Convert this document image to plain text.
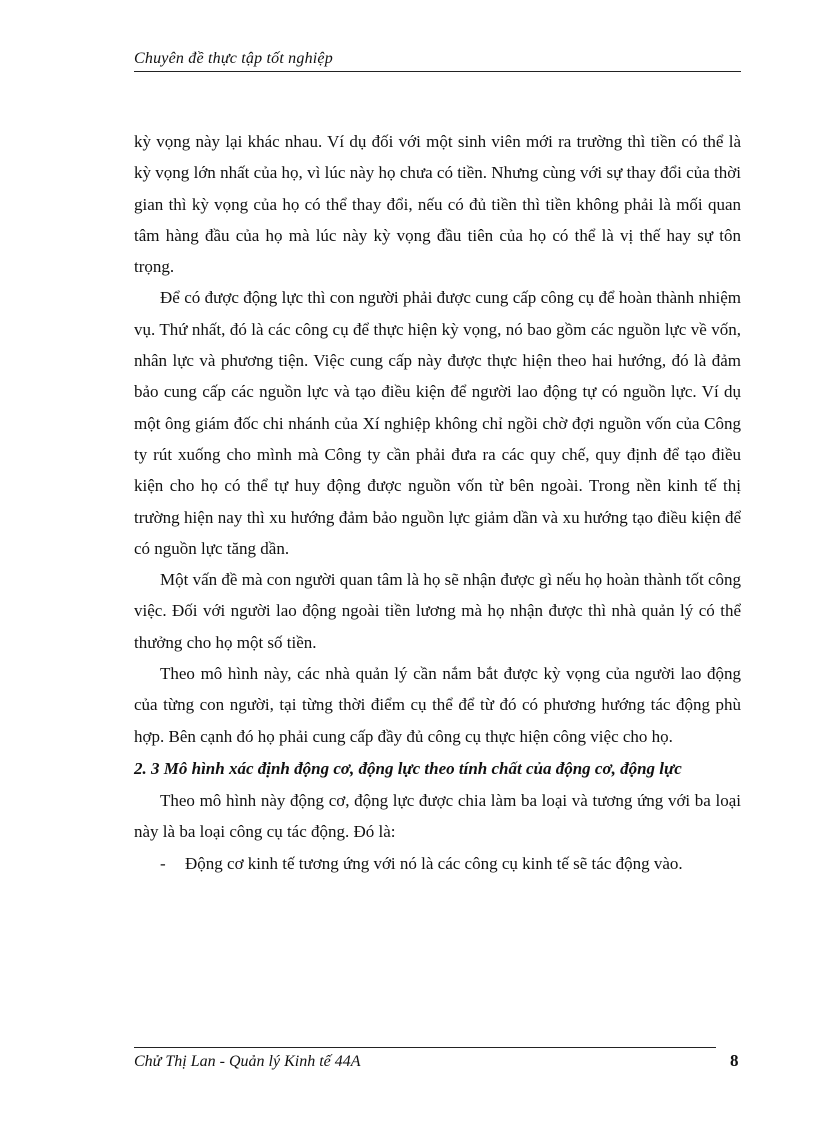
Chuyên đề thực tập tốt nghiệp

kỳ vọng này lại khác nhau. Ví dụ đối với một sinh viên mới ra trường thì tiền có thể là kỳ vọng lớn nhất của họ, vì lúc này họ chưa có tiền. Nhưng cùng với sự thay đổi của thời gian thì kỳ vọng của họ có thể thay đổi, nếu có đủ tiền thì tiền không phải là mối quan tâm hàng đầu của họ mà lúc này kỳ vọng đầu tiên của họ có thể là vị thế hay sự tôn trọng.

Để có được động lực thì con người phải được cung cấp công cụ để hoàn thành nhiệm vụ. Thứ nhất, đó là các công cụ để thực hiện kỳ vọng, nó bao gồm các nguồn lực về vốn, nhân lực và phương tiện. Việc cung cấp này được thực hiện theo hai hướng, đó là đảm bảo cung cấp các nguồn lực và tạo điều kiện để người lao động tự có nguồn lực. Ví dụ một ông giám đốc chi nhánh của Xí nghiệp không chỉ ngồi chờ đợi nguồn vốn của Công ty rút xuống cho mình mà Công ty cần phải đưa ra các quy chế, quy định để tạo điều kiện cho họ có thể tự huy động được nguồn vốn từ bên ngoài. Trong nền kinh tế thị trường hiện nay thì xu hướng đảm bảo nguồn lực giảm dần và xu hướng tạo điều kiện để có nguồn lực tăng dần.

Một vấn đề mà con người quan tâm là họ sẽ nhận được gì nếu họ hoàn thành tốt công việc. Đối với người lao động ngoài tiền lương mà họ nhận được thì nhà quản lý có thể thưởng cho họ một số tiền.

Theo mô hình này, các nhà quản lý cần nắm bắt được kỳ vọng của người lao động của từng con người, tại từng thời điểm cụ thể để từ đó có phương hướng tác động phù hợp. Bên cạnh đó họ phải cung cấp đầy đủ công cụ thực hiện công việc cho họ.

2. 3 Mô hình xác định động cơ, động lực theo tính chất của động cơ, động lực

Theo mô hình này động cơ, động lực được chia làm ba loại và tương ứng với ba loại này là ba loại công cụ tác động. Đó là:

-	Động cơ kinh tế tương ứng với nó là các công cụ kinh tế sẽ tác động vào.
Chử Thị Lan - Quản lý Kinh tế 44A	8
